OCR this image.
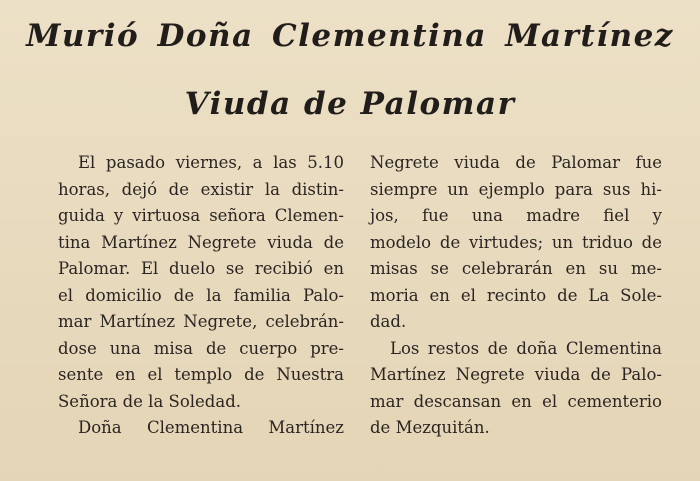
Murió Doña Clementina Martínez
Viuda de Palomar
El pasado viernes, a las 5.10
horas, dejó de existir la distin-
guida y virtuosa señora Clemen-
tina Martínez Negrete viuda de
Palomar. El duelo se recibió en
el domicilio de la familia Palo-
mar Martínez Negrete, celebrán-
dose una misa de cuerpo pre-
sente en el templo de Nuestra
Señora de la Soledad.
Doña Clementina Martínez
Negrete viuda de Palomar fue
siempre un ejemplo para sus hi-
jos, fue una madre fiel y
modelo de virtudes; un triduo de
misas se celebrarán en su me-
moria en el recinto de La Sole-
dad.
Los restos de doña Clementina
Martínez Negrete viuda de Palo-
mar descansan en el cementerio
de Mezquitán.
